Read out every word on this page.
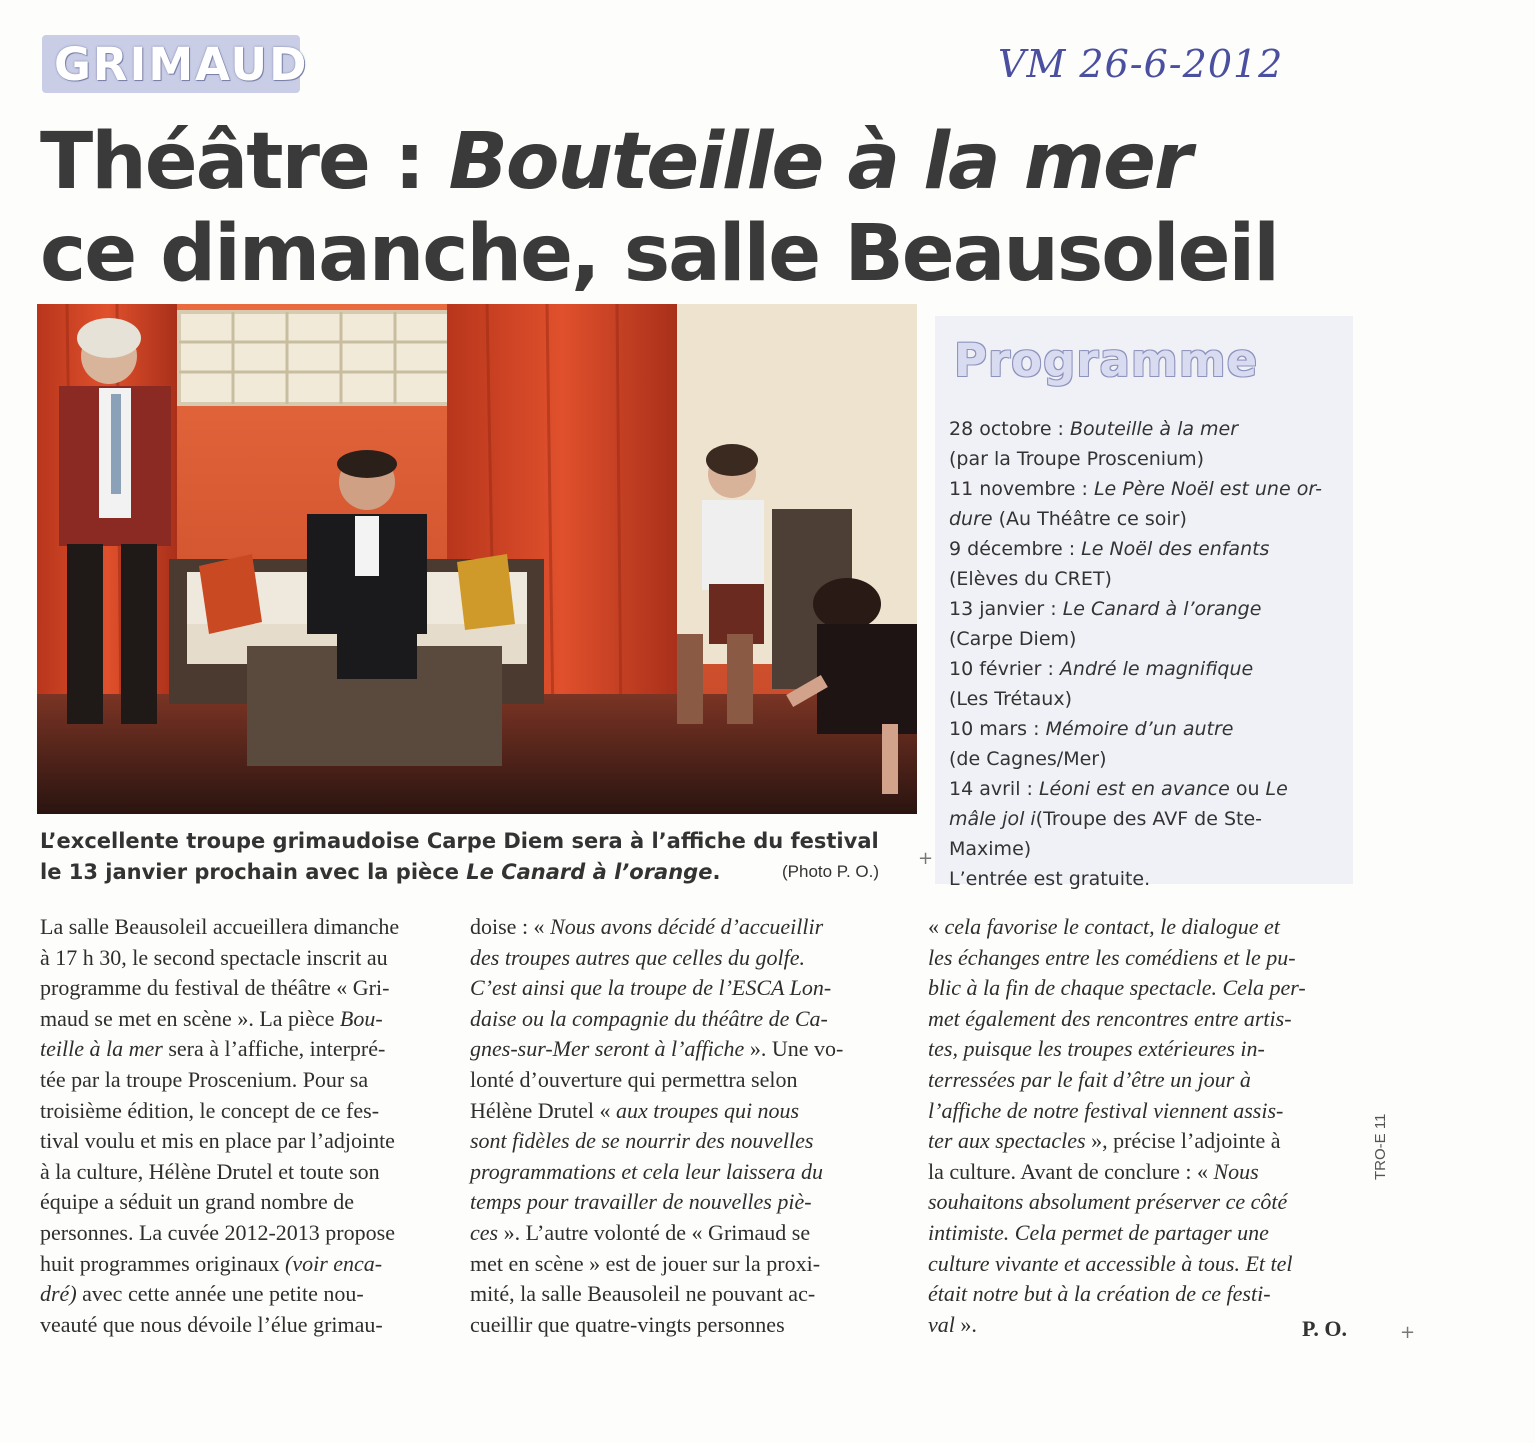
GRIMAUD	VM 26-6-2012
Théâtre : Bouteille à la mer
ce dimanche, salle Beausoleil
L’excellente troupe grimaudoise Carpe Diem sera à l’affiche du festival
le 13 janvier prochain avec la pièce Le Canard à l’orange.	(Photo P. O.)
Programme
28 octobre : Bouteille à la mer
(par la Troupe Proscenium)
11 novembre : Le Père Noël est une or-
dure (Au Théâtre ce soir)
9 décembre : Le Noël des enfants
(Elèves du CRET)
13 janvier : Le Canard à l’orange
(Carpe Diem)
10 février : André le magnifique
(Les Trétaux)
10 mars : Mémoire d’un autre
(de Cagnes/Mer)
14 avril : Léoni est en avance ou Le
mâle jol i(Troupe des AVF de Ste-
Maxime)
L’entrée est gratuite.
La salle Beausoleil accueillera dimanche
à 17 h 30, le second spectacle inscrit au
programme du festival de théâtre « Gri-
maud se met en scène ». La pièce Bou-
teille à la mer sera à l’affiche, interpré-
tée par la troupe Proscenium. Pour sa
troisième édition, le concept de ce fes-
tival voulu et mis en place par l’adjointe
à la culture, Hélène Drutel et toute son
équipe a séduit un grand nombre de
personnes. La cuvée 2012-2013 propose
huit programmes originaux (voir enca-
dré) avec cette année une petite nou-
veauté que nous dévoile l’élue grimau-
doise : « Nous avons décidé d’accueillir
des troupes autres que celles du golfe.
C’est ainsi que la troupe de l’ESCA Lon-
daise ou la compagnie du théâtre de Ca-
gnes-sur-Mer seront à l’affiche ». Une vo-
lonté d’ouverture qui permettra selon
Hélène Drutel « aux troupes qui nous
sont fidèles de se nourrir des nouvelles
programmations et cela leur laissera du
temps pour travailler de nouvelles piè-
ces ». L’autre volonté de « Grimaud se
met en scène » est de jouer sur la proxi-
mité, la salle Beausoleil ne pouvant ac-
cueillir que quatre-vingts personnes
« cela favorise le contact, le dialogue et
les échanges entre les comédiens et le pu-
blic à la fin de chaque spectacle. Cela per-
met également des rencontres entre artis-
tes, puisque les troupes extérieures in-
terressées par le fait d’être un jour à
l’affiche de notre festival viennent assis-
ter aux spectacles », précise l’adjointe à
la culture. Avant de conclure : « Nous
souhaitons absolument préserver ce côté
intimiste. Cela permet de partager une
culture vivante et accessible à tous. Et tel
était notre but à la création de ce festi-
val ».	P. O.
TRO-E 11
+
+
